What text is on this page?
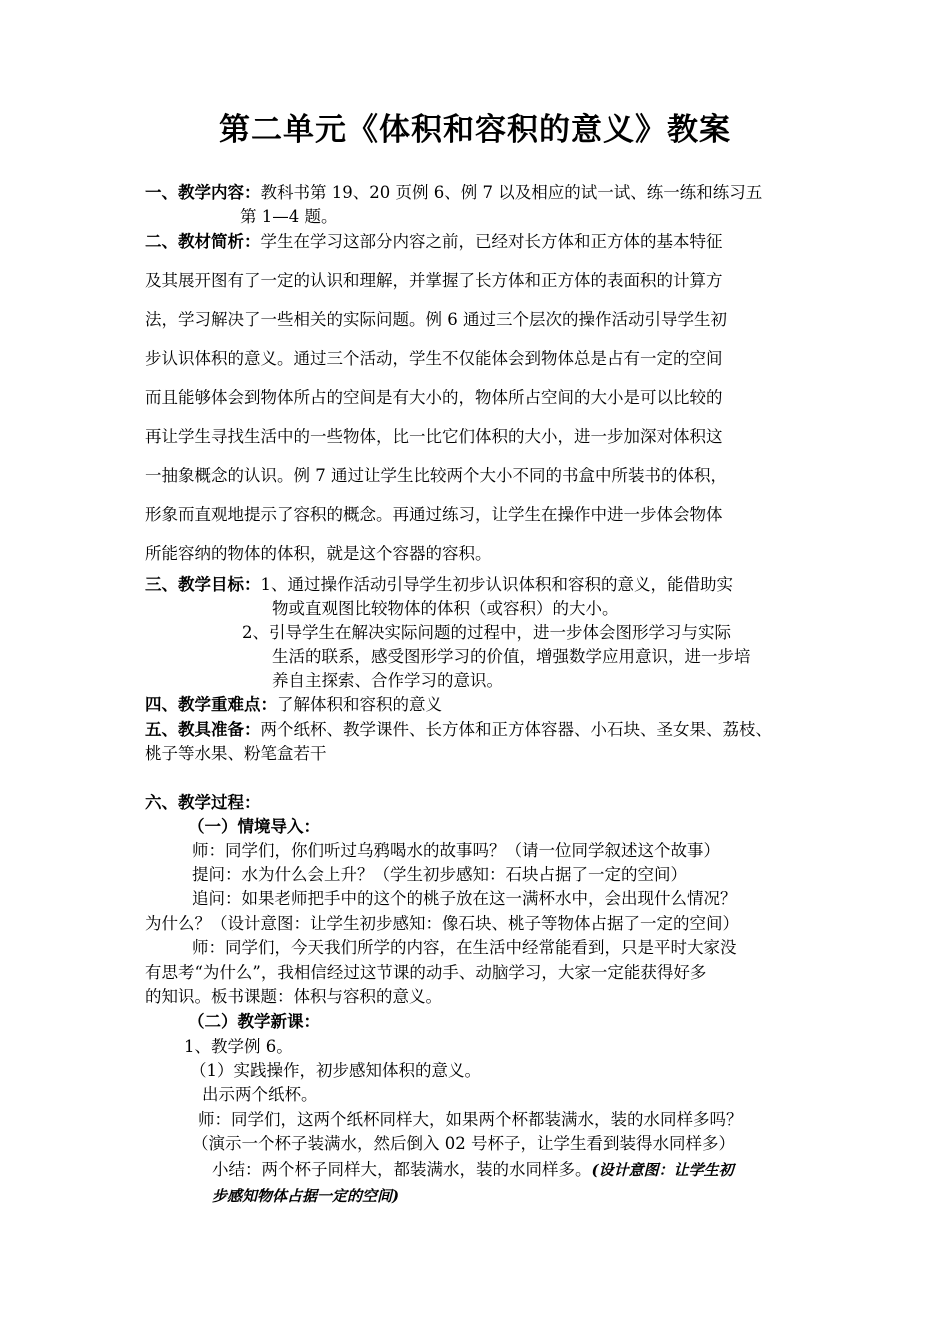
第二单元《体积和容积的意义》教案
一、教学内容：教科书第 19、20 页例 6、例 7 以及相应的试一试、练一练和练习五
第 1—4 题。
二、教材简析：学生在学习这部分内容之前，已经对长方体和正方体的基本特征
及其展开图有了一定的认识和理解，并掌握了长方体和正方体的表面积的计算方
法，学习解决了一些相关的实际问题。例 6 通过三个层次的操作活动引导学生初
步认识体积的意义。通过三个活动，学生不仅能体会到物体总是占有一定的空间
而且能够体会到物体所占的空间是有大小的，物体所占空间的大小是可以比较的
再让学生寻找生活中的一些物体，比一比它们体积的大小，进一步加深对体积这
一抽象概念的认识。例 7 通过让学生比较两个大小不同的书盒中所装书的体积，
形象而直观地提示了容积的概念。再通过练习，让学生在操作中进一步体会物体
所能容纳的物体的体积，就是这个容器的容积。
三、教学目标：1、通过操作活动引导学生初步认识体积和容积的意义，能借助实
物或直观图比较物体的体积（或容积）的大小。
2、引导学生在解决实际问题的过程中，进一步体会图形学习与实际
生活的联系，感受图形学习的价值，增强数学应用意识，进一步培
养自主探索、合作学习的意识。
四、教学重难点：了解体积和容积的意义
五、教具准备：两个纸杯、教学课件、长方体和正方体容器、小石块、圣女果、荔枝、
桃子等水果、粉笔盒若干
六、教学过程：
（一）情境导入：
师：同学们，你们听过乌鸦喝水的故事吗？（请一位同学叙述这个故事）
提问：水为什么会上升？（学生初步感知：石块占据了一定的空间）
追问：如果老师把手中的这个的桃子放在这一满杯水中，会出现什么情况？
为什么？（设计意图：让学生初步感知：像石块、桃子等物体占据了一定的空间）
师：同学们，今天我们所学的内容，在生活中经常能看到，只是平时大家没
有思考“为什么”，我相信经过这节课的动手、动脑学习，大家一定能获得好多
的知识。板书课题：体积与容积的意义。
（二）教学新课：
1、教学例 6。
（1）实践操作，初步感知体积的意义。
出示两个纸杯。
师：同学们，这两个纸杯同样大，如果两个杯都装满水，装的水同样多吗？
（演示一个杯子装满水，然后倒入 02 号杯子，让学生看到装得水同样多）
小结：两个杯子同样大，都装满水，装的水同样多。(设计意图：让学生初
步感知物体占据一定的空间)
